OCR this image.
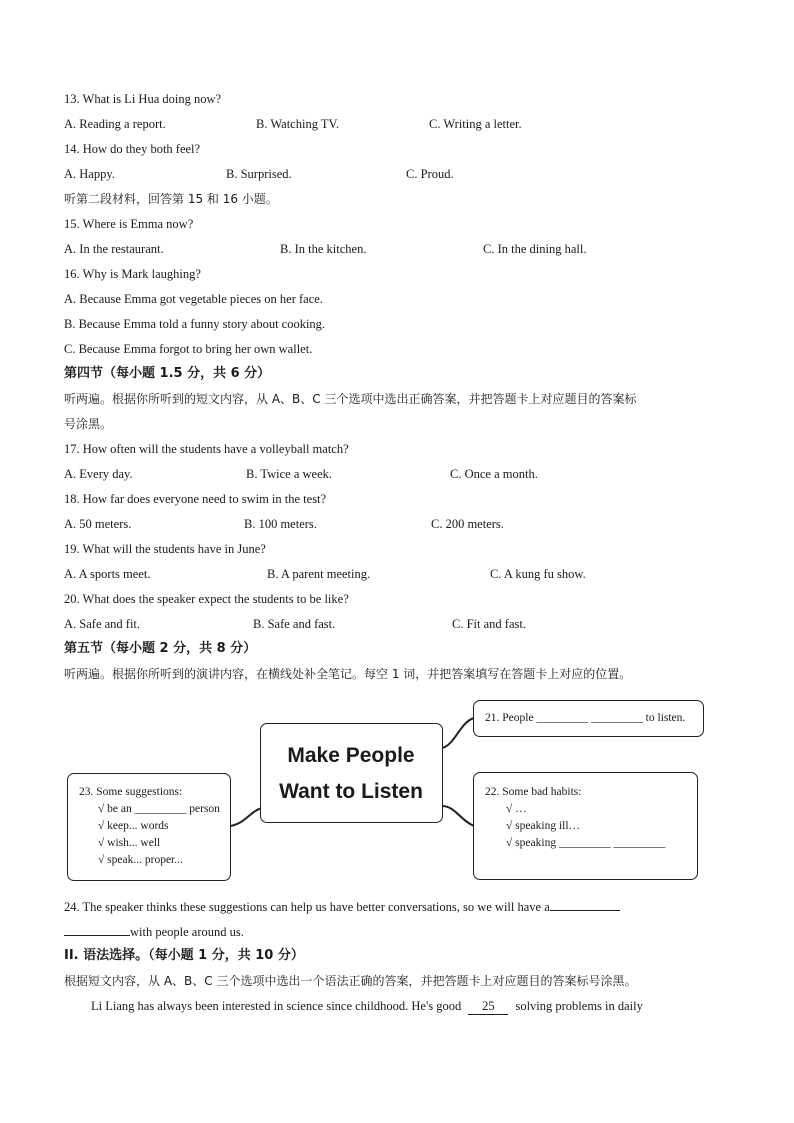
13. What is Li Hua doing now?
A. Reading a report.	B. Watching TV.	C. Writing a letter.
14. How do they both feel?
A. Happy.	B. Surprised.	C. Proud.
听第二段材料，回答第 15 和 16 小题。
15. Where is Emma now?
A. In the restaurant.	B. In the kitchen.	C. In the dining hall.
16. Why is Mark laughing?
A. Because Emma got vegetable pieces on her face.
B. Because Emma told a funny story about cooking.
C. Because Emma forgot to bring her own wallet.
第四节（每小题 1.5 分，共 6 分）
听两遍。根据你所听到的短文内容，从 A、B、C 三个选项中选出正确答案，并把答题卡上对应题目的答案标
号涂黑。
17. How often will the students have a volleyball match?
A. Every day.	B. Twice a week.	C. Once a month.
18. How far does everyone need to swim in the test?
A. 50 meters.	B. 100 meters.	C. 200 meters.
19. What will the students have in June?
A. A sports meet.	B. A parent meeting.	C. A kung fu show.
20. What does the speaker expect the students to be like?
A. Safe and fit.	B. Safe and fast.	C. Fit and fast.
第五节（每小题 2 分，共 8 分）
听两遍。根据你所听到的演讲内容，在横线处补全笔记。每空 1 词，并把答案填写在答题卡上对应的位置。
Make People
Want to Listen
21. People _________ _________ to listen.
22. Some bad habits:
√ …
√ speaking ill…
√ speaking _________ _________
23. Some suggestions:
√ be an _________ person
√ keep... words
√ wish... well
√ speak... proper...
24. The speaker thinks these suggestions can help us have better conversations, so we will have a
with people around us.
II. 语法选择。（每小题 1 分，共 10 分）
根据短文内容，从 A、B、C 三个选项中选出一个语法正确的答案，并把答题卡上对应题目的答案标号涂黑。
Li Liang has always been interested in science since childhood. He's good 25 solving problems in daily
